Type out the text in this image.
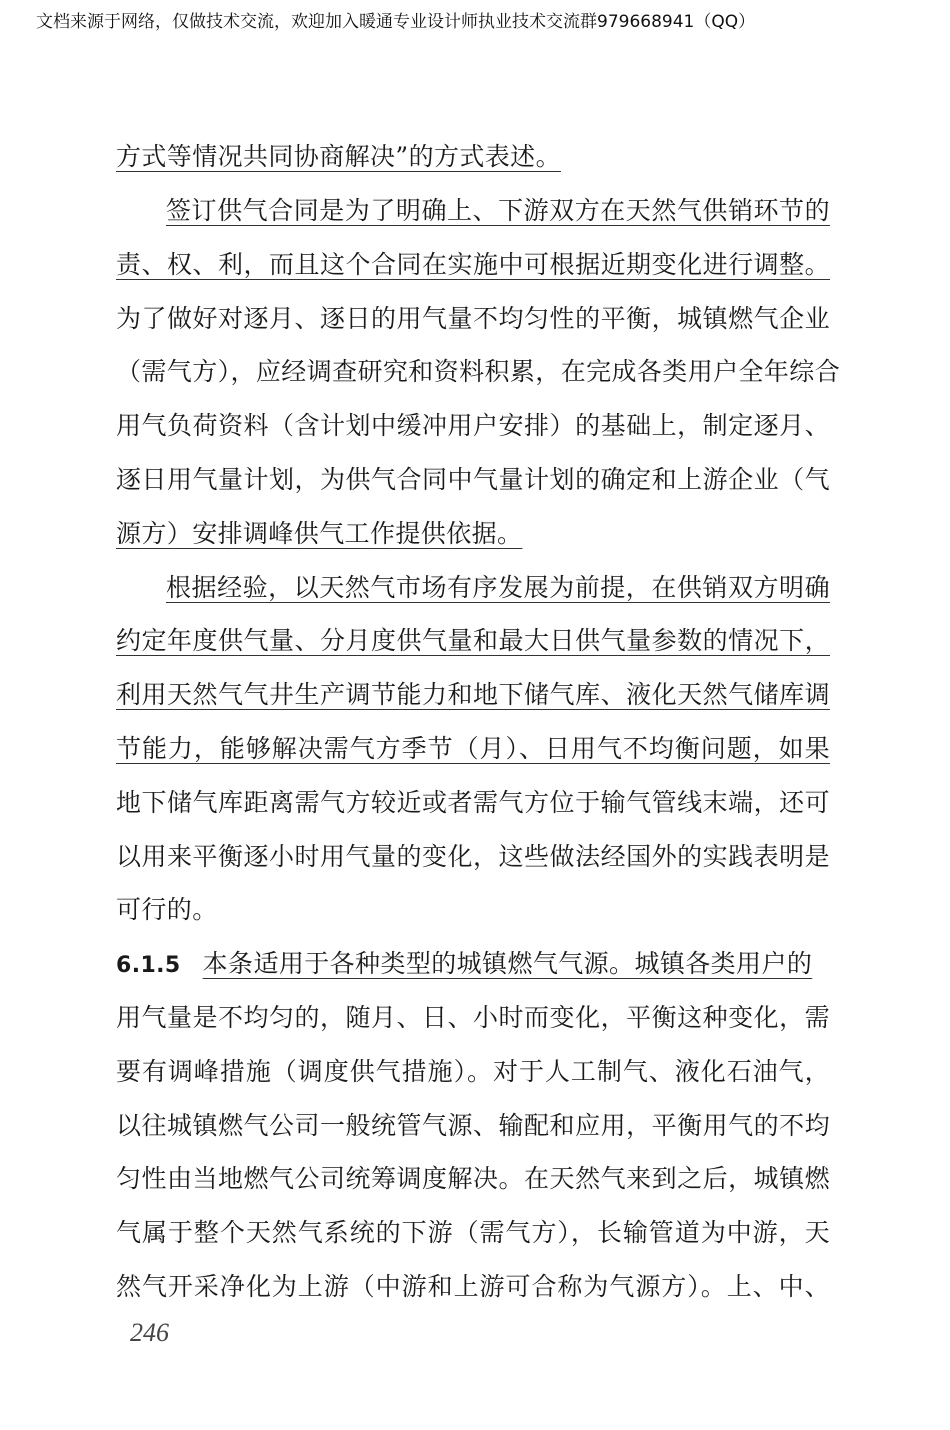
文档来源于网络，仅做技术交流，欢迎加入暖通专业设计师执业技术交流群979668941（QQ）
方式等情况共同协商解决”的方式表述。
签订供气合同是为了明确上、下游双方在天然气供销环节的
责、权、利，而且这个合同在实施中可根据近期变化进行调整。
为了做好对逐月、逐日的用气量不均匀性的平衡，城镇燃气企业
（需气方），应经调查研究和资料积累，在完成各类用户全年综合
用气负荷资料（含计划中缓冲用户安排）的基础上，制定逐月、
逐日用气量计划，为供气合同中气量计划的确定和上游企业（气
源方）安排调峰供气工作提供依据。
根据经验，以天然气市场有序发展为前提，在供销双方明确
约定年度供气量、分月度供气量和最大日供气量参数的情况下，
利用天然气气井生产调节能力和地下储气库、液化天然气储库调
节能力，能够解决需气方季节（月）、日用气不均衡问题，如果
地下储气库距离需气方较近或者需气方位于输气管线末端，还可
以用来平衡逐小时用气量的变化，这些做法经国外的实践表明是
可行的。
6.1.5 本条适用于各种类型的城镇燃气气源。城镇各类用户的
用气量是不均匀的，随月、日、小时而变化，平衡这种变化，需
要有调峰措施（调度供气措施）。对于人工制气、液化石油气，
以往城镇燃气公司一般统管气源、输配和应用，平衡用气的不均
匀性由当地燃气公司统筹调度解决。在天然气来到之后，城镇燃
气属于整个天然气系统的下游（需气方），长输管道为中游，天
然气开采净化为上游（中游和上游可合称为气源方）。上、中、
246
